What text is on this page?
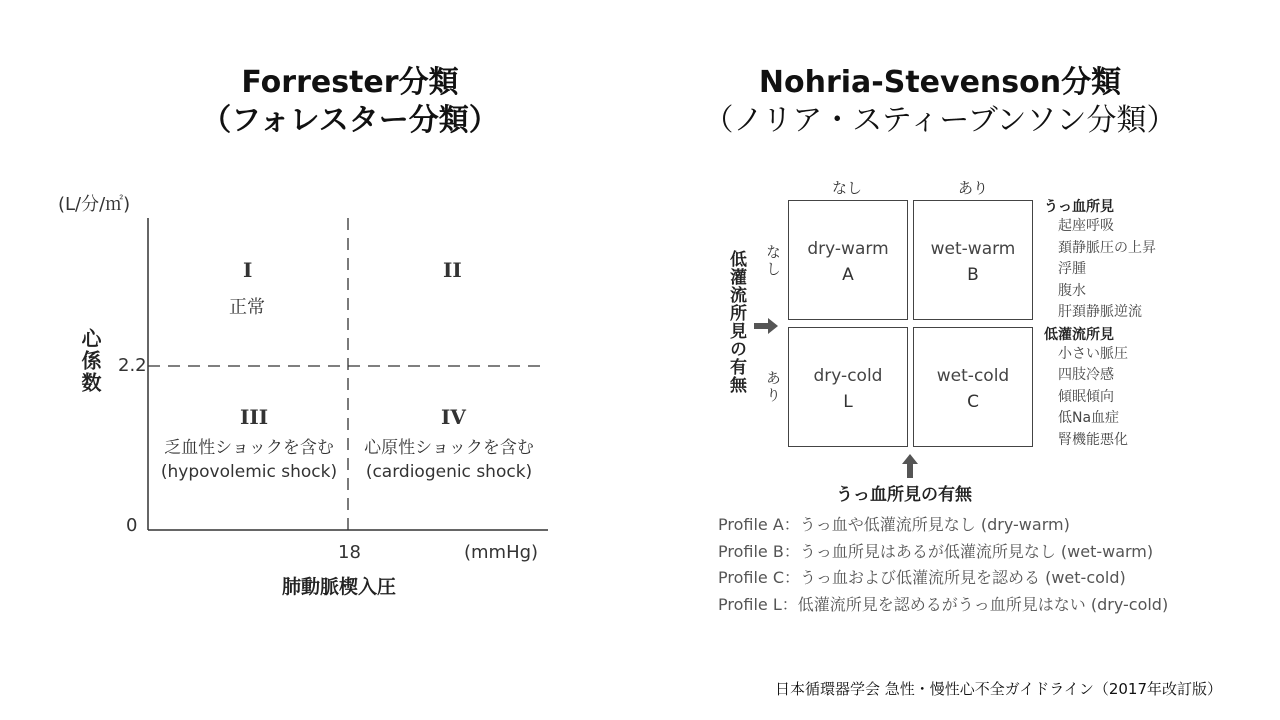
Forrester分類
（フォレスター分類）
(L/分/㎡)
心係数 2.2
0
18	(mmHg)
肺動脈楔入圧
I
正常
II
III
乏血性ショックを含む
(hypovolemic shock)
IV
心原性ショックを含む
(cardiogenic shock)
Nohria-Stevenson分類
（ノリア・スティーブンソン分類）
なし	あり
なし
あり
低灌流所見の有無
dry-warm
A
wet-warm
B
dry-cold
L
wet-cold
C
うっ血所見の有無
うっ血所見
起座呼吸
頚静脈圧の上昇
浮腫
腹水
肝頚静脈逆流
低灌流所見
小さい脈圧
四肢冷感
傾眠傾向
低Na血症
腎機能悪化
Profile A：うっ血や低灌流所見なし (dry-warm)
Profile B：うっ血所見はあるが低灌流所見なし (wet-warm)
Profile C：うっ血および低灌流所見を認める (wet-cold)
Profile L：低灌流所見を認めるがうっ血所見はない (dry-cold)
日本循環器学会 急性・慢性心不全ガイドライン（2017年改訂版）
